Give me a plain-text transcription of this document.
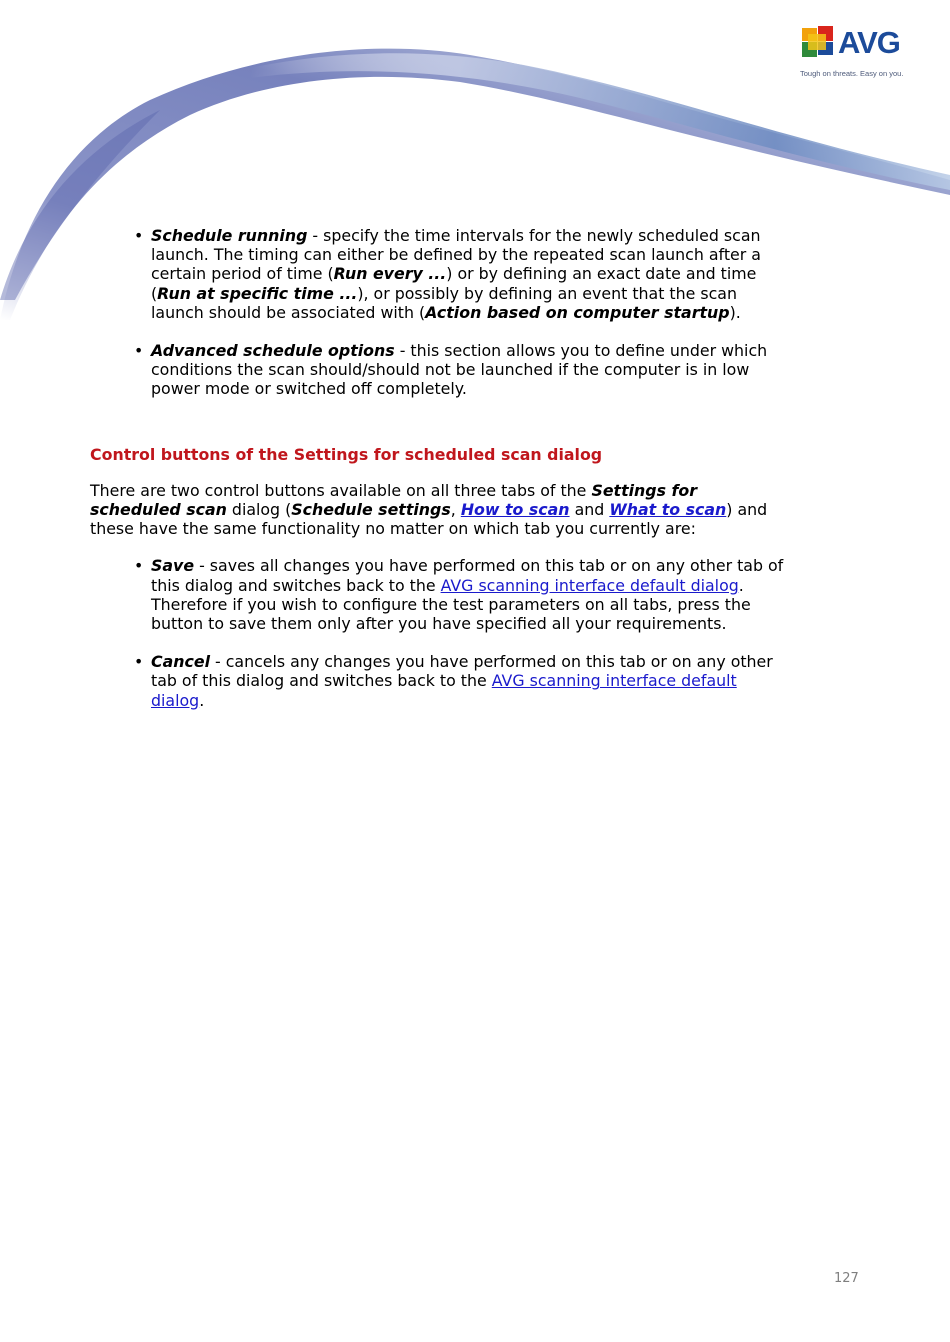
AVG
Tough on threats. Easy on you.
• Schedule running - specify the time intervals for the newly scheduled scan launch. The timing can either be defined by the repeated scan launch after a certain period of time (Run every ...) or by defining an exact date and time (Run at specific time ...), or possibly by defining an event that the scan launch should be associated with (Action based on computer startup).
• Advanced schedule options - this section allows you to define under which conditions the scan should/should not be launched if the computer is in low power mode or switched off completely.
Control buttons of the Settings for scheduled scan dialog

There are two control buttons available on all three tabs of the Settings for scheduled scan dialog (Schedule settings, How to scan and What to scan) and these have the same functionality no matter on which tab you currently are:

• Save - saves all changes you have performed on this tab or on any other tab of this dialog and switches back to the AVG scanning interface default dialog. Therefore if you wish to configure the test parameters on all tabs, press the button to save them only after you have specified all your requirements.
• Cancel - cancels any changes you have performed on this tab or on any other tab of this dialog and switches back to the AVG scanning interface default dialog.
127
